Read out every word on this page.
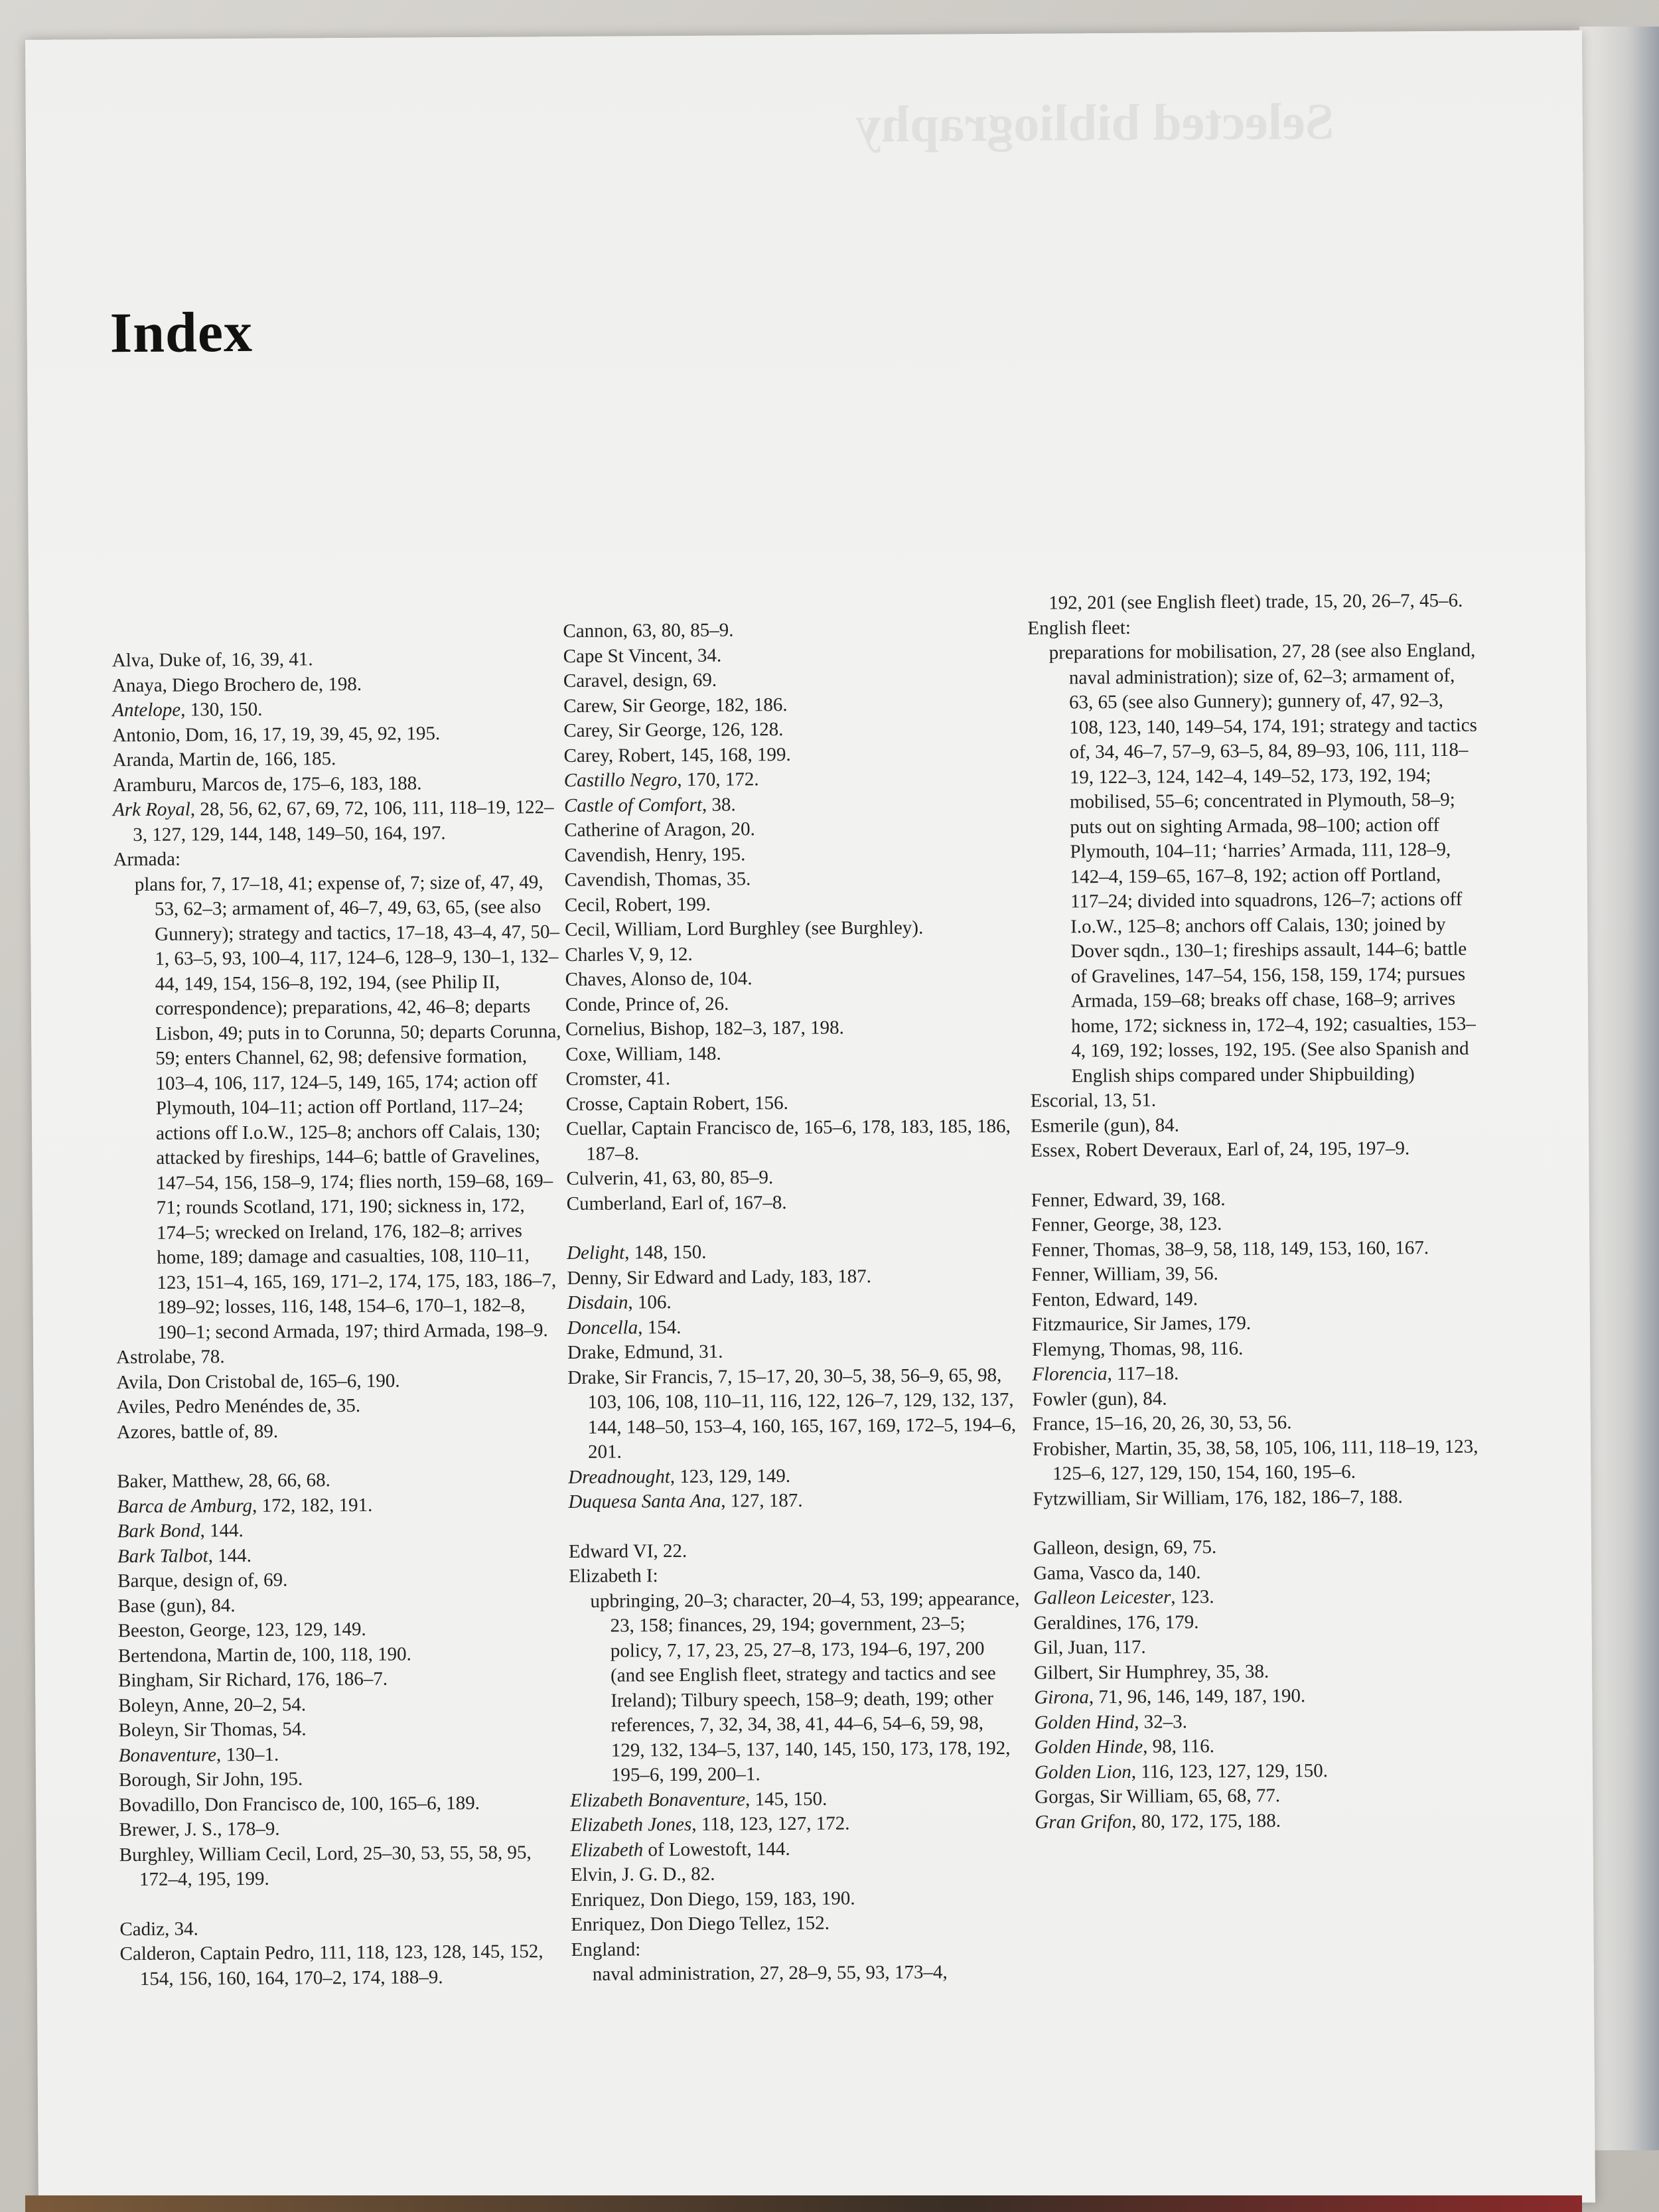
Selected bibliography
Index
Alva, Duke of, 16, 39, 41.
Anaya, Diego Brochero de, 198.
Antelope, 130, 150.
Antonio, Dom, 16, 17, 19, 39, 45, 92, 195.
Aranda, Martin de, 166, 185.
Aramburu, Marcos de, 175–6, 183, 188.
Ark Royal, 28, 56, 62, 67, 69, 72, 106, 111, 118–19, 122–3, 127, 129, 144, 148, 149–50, 164, 197.
Armada:
plans for, 7, 17–18, 41; expense of, 7; size of, 47, 49, 53, 62–3; armament of, 46–7, 49, 63, 65, (see also Gunnery); strategy and tactics, 17–18, 43–4, 47, 50–1, 63–5, 93, 100–4, 117, 124–6, 128–9, 130–1, 132–44, 149, 154, 156–8, 192, 194, (see Philip II, correspondence); preparations, 42, 46–8; departs Lisbon, 49; puts in to Corunna, 50; departs Corunna, 59; enters Channel, 62, 98; defensive formation, 103–4, 106, 117, 124–5, 149, 165, 174; action off Plymouth, 104–11; action off Portland, 117–24; actions off I.o.W., 125–8; anchors off Calais, 130; attacked by fireships, 144–6; battle of Gravelines, 147–54, 156, 158–9, 174; flies north, 159–68, 169–71; rounds Scotland, 171, 190; sickness in, 172, 174–5; wrecked on Ireland, 176, 182–8; arrives home, 189; damage and casualties, 108, 110–11, 123, 151–4, 165, 169, 171–2, 174, 175, 183, 186–7, 189–92; losses, 116, 148, 154–6, 170–1, 182–8, 190–1; second Armada, 197; third Armada, 198–9.
Astrolabe, 78.
Avila, Don Cristobal de, 165–6, 190.
Aviles, Pedro Menéndes de, 35.
Azores, battle of, 89.
Baker, Matthew, 28, 66, 68.
Barca de Amburg, 172, 182, 191.
Bark Bond, 144.
Bark Talbot, 144.
Barque, design of, 69.
Base (gun), 84.
Beeston, George, 123, 129, 149.
Bertendona, Martin de, 100, 118, 190.
Bingham, Sir Richard, 176, 186–7.
Boleyn, Anne, 20–2, 54.
Boleyn, Sir Thomas, 54.
Bonaventure, 130–1.
Borough, Sir John, 195.
Bovadillo, Don Francisco de, 100, 165–6, 189.
Brewer, J. S., 178–9.
Burghley, William Cecil, Lord, 25–30, 53, 55, 58, 95, 172–4, 195, 199.
Cadiz, 34.
Calderon, Captain Pedro, 111, 118, 123, 128, 145, 152, 154, 156, 160, 164, 170–2, 174, 188–9.
Cannon, 63, 80, 85–9.
Cape St Vincent, 34.
Caravel, design, 69.
Carew, Sir George, 182, 186.
Carey, Sir George, 126, 128.
Carey, Robert, 145, 168, 199.
Castillo Negro, 170, 172.
Castle of Comfort, 38.
Catherine of Aragon, 20.
Cavendish, Henry, 195.
Cavendish, Thomas, 35.
Cecil, Robert, 199.
Cecil, William, Lord Burghley (see Burghley).
Charles V, 9, 12.
Chaves, Alonso de, 104.
Conde, Prince of, 26.
Cornelius, Bishop, 182–3, 187, 198.
Coxe, William, 148.
Cromster, 41.
Crosse, Captain Robert, 156.
Cuellar, Captain Francisco de, 165–6, 178, 183, 185, 186, 187–8.
Culverin, 41, 63, 80, 85–9.
Cumberland, Earl of, 167–8.
Delight, 148, 150.
Denny, Sir Edward and Lady, 183, 187.
Disdain, 106.
Doncella, 154.
Drake, Edmund, 31.
Drake, Sir Francis, 7, 15–17, 20, 30–5, 38, 56–9, 65, 98, 103, 106, 108, 110–11, 116, 122, 126–7, 129, 132, 137, 144, 148–50, 153–4, 160, 165, 167, 169, 172–5, 194–6, 201.
Dreadnought, 123, 129, 149.
Duquesa Santa Ana, 127, 187.
Edward VI, 22.
Elizabeth I:
upbringing, 20–3; character, 20–4, 53, 199; appearance, 23, 158; finances, 29, 194; government, 23–5; policy, 7, 17, 23, 25, 27–8, 173, 194–6, 197, 200 (and see English fleet, strategy and tactics and see Ireland); Tilbury speech, 158–9; death, 199; other references, 7, 32, 34, 38, 41, 44–6, 54–6, 59, 98, 129, 132, 134–5, 137, 140, 145, 150, 173, 178, 192, 195–6, 199, 200–1.
Elizabeth Bonaventure, 145, 150.
Elizabeth Jones, 118, 123, 127, 172.
Elizabeth of Lowestoft, 144.
Elvin, J. G. D., 82.
Enriquez, Don Diego, 159, 183, 190.
Enriquez, Don Diego Tellez, 152.
England:
naval administration, 27, 28–9, 55, 93, 173–4,
192, 201 (see English fleet) trade, 15, 20, 26–7, 45–6.
English fleet:
preparations for mobilisation, 27, 28 (see also England, naval administration); size of, 62–3; armament of, 63, 65 (see also Gunnery); gunnery of, 47, 92–3, 108, 123, 140, 149–54, 174, 191; strategy and tactics of, 34, 46–7, 57–9, 63–5, 84, 89–93, 106, 111, 118–19, 122–3, 124, 142–4, 149–52, 173, 192, 194; mobilised, 55–6; concentrated in Plymouth, 58–9; puts out on sighting Armada, 98–100; action off Plymouth, 104–11; ‘harries’ Armada, 111, 128–9, 142–4, 159–65, 167–8, 192; action off Portland, 117–24; divided into squadrons, 126–7; actions off I.o.W., 125–8; anchors off Calais, 130; joined by Dover sqdn., 130–1; fireships assault, 144–6; battle of Gravelines, 147–54, 156, 158, 159, 174; pursues Armada, 159–68; breaks off chase, 168–9; arrives home, 172; sickness in, 172–4, 192; casualties, 153–4, 169, 192; losses, 192, 195. (See also Spanish and English ships compared under Shipbuilding)
Escorial, 13, 51.
Esmerile (gun), 84.
Essex, Robert Deveraux, Earl of, 24, 195, 197–9.
Fenner, Edward, 39, 168.
Fenner, George, 38, 123.
Fenner, Thomas, 38–9, 58, 118, 149, 153, 160, 167.
Fenner, William, 39, 56.
Fenton, Edward, 149.
Fitzmaurice, Sir James, 179.
Flemyng, Thomas, 98, 116.
Florencia, 117–18.
Fowler (gun), 84.
France, 15–16, 20, 26, 30, 53, 56.
Frobisher, Martin, 35, 38, 58, 105, 106, 111, 118–19, 123, 125–6, 127, 129, 150, 154, 160, 195–6.
Fytzwilliam, Sir William, 176, 182, 186–7, 188.
Galleon, design, 69, 75.
Gama, Vasco da, 140.
Galleon Leicester, 123.
Geraldines, 176, 179.
Gil, Juan, 117.
Gilbert, Sir Humphrey, 35, 38.
Girona, 71, 96, 146, 149, 187, 190.
Golden Hind, 32–3.
Golden Hinde, 98, 116.
Golden Lion, 116, 123, 127, 129, 150.
Gorgas, Sir William, 65, 68, 77.
Gran Grifon, 80, 172, 175, 188.
